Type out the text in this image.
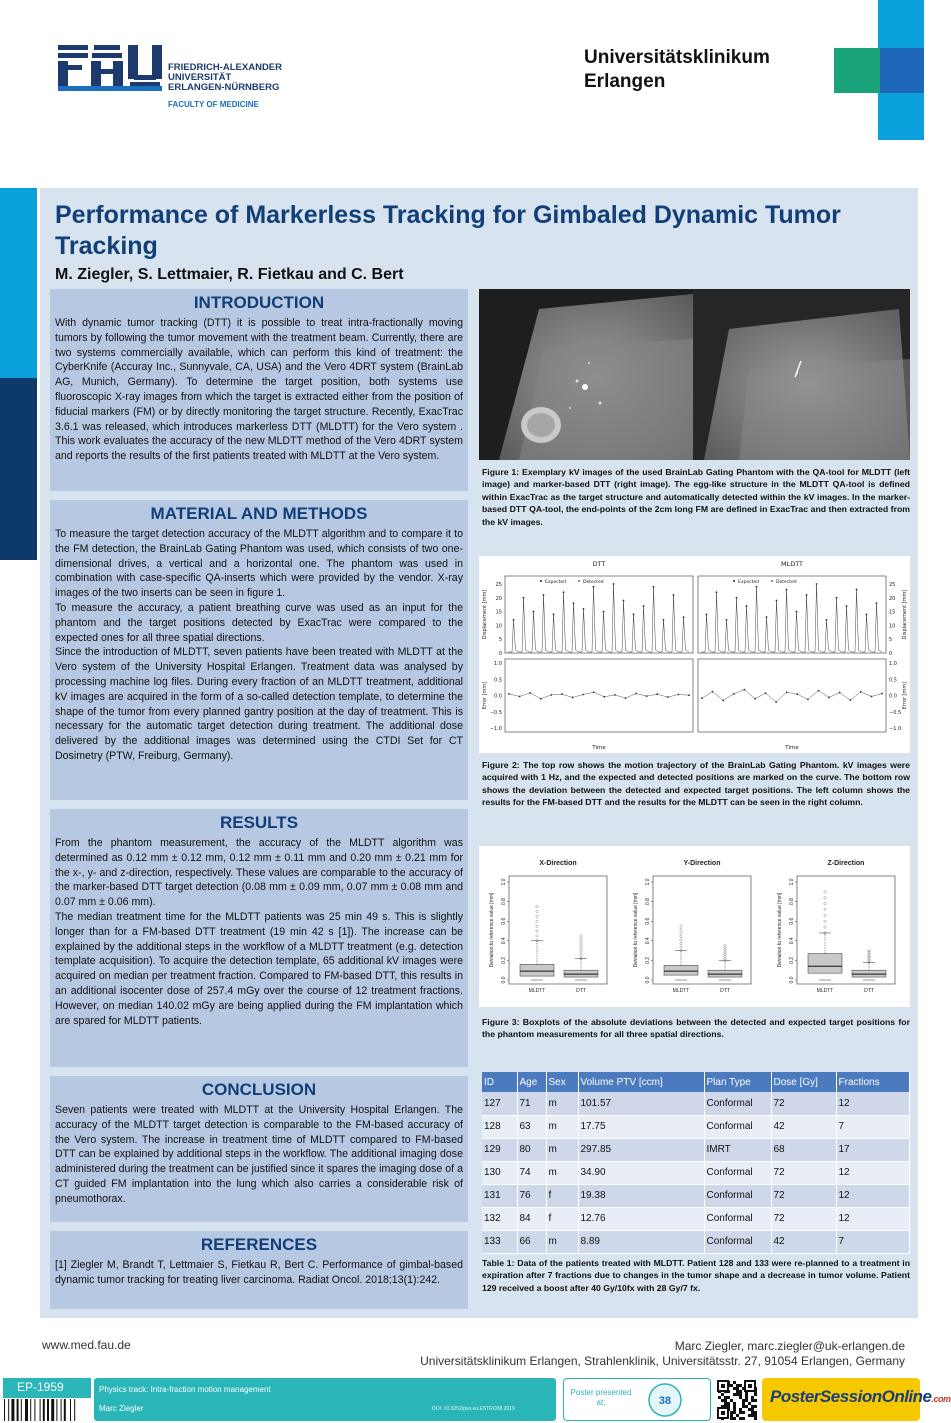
FRIEDRICH-ALEXANDER
UNIVERSITÄT
ERLANGEN-NÜRNBERG
FACULTY OF MEDICINE
Universitätsklinikum
Erlangen
Performance of Markerless Tracking for Gimbaled Dynamic Tumor Tracking
M. Ziegler, S. Lettmaier, R. Fietkau and C. Bert
INTRODUCTION

With dynamic tumor tracking (DTT) it is possible to treat intra-fractionally moving tumors by following the tumor movement with the treatment beam. Currently, there are two systems commercially available, which can perform this kind of treatment: the CyberKnife (Accuray Inc., Sunnyvale, CA, USA) and the Vero 4DRT system (BrainLab AG, Munich, Germany). To determine the target position, both systems use fluoroscopic X-ray images from which the target is extracted either from the position of fiducial markers (FM) or by directly monitoring the target structure. Recently, ExacTrac 3.6.1 was released, which introduces markerless DTT (MLDTT) for the Vero system . This work evaluates the accuracy of the new MLDTT method of the Vero 4DRT system and reports the results of the first patients treated with MLDTT at the Vero system.

MATERIAL AND METHODS

To measure the target detection accuracy of the MLDTT algorithm and to compare it to the FM detection, the BrainLab Gating Phantom was used, which consists of two one-dimensional drives, a vertical and a horizontal one. The phantom was used in combination with case-specific QA-inserts which were provided by the vendor. X-ray images of the two inserts can be seen in figure 1.

To measure the accuracy, a patient breathing curve was used as an input for the phantom and the target positions detected by ExacTrac were compared to the expected ones for all three spatial directions.

Since the introduction of MLDTT, seven patients have been treated with MLDTT at the Vero system of the University Hospital Erlangen. Treatment data was analysed by processing machine log files. During every fraction of an MLDTT treatment, additional kV images are acquired in the form of a so-called detection template, to determine the shape of the tumor from every planned gantry position at the day of treatment. This is necessary for the automatic target detection during treatment. The additional dose delivered by the additional images was determined using the CTDI Set for CT Dosimetry (PTW, Freiburg, Germany).

RESULTS

From the phantom measurement, the accuracy of the MLDTT algorithm was determined as 0.12 mm ± 0.12 mm, 0.12 mm ± 0.11 mm and 0.20 mm ± 0.21 mm for the x-, y- and z-direction, respectively. These values are comparable to the accuracy of the marker-based DTT target detection (0.08 mm ± 0.09 mm, 0.07 mm ± 0.08 mm and 0.07 mm ± 0.06 mm).

The median treatment time for the MLDTT patients was 25 min 49 s. This is slightly longer than for a FM-based DTT treatment (19 min 42 s [1]). The increase can be explained by the additional steps in the workflow of a MLDTT treatment (e.g. detection template acquisition). To acquire the detection template, 65 additional kV images were acquired on median per treatment fraction. Compared to FM-based DTT, this results in an additional isocenter dose of 257.4 mGy over the course of 12 treatment fractions. However, on median 140.02 mGy are being applied during the FM implantation which are spared for MLDTT patients.

CONCLUSION

Seven patients were treated with MLDTT at the University Hospital Erlangen. The accuracy of the MLDTT target detection is comparable to the FM-based accuracy of the Vero system. The increase in treatment time of MLDTT compared to FM-based DTT can be explained by additional steps in the workflow. The additional imaging dose administered during the treatment can be justified since it spares the imaging dose of a CT guided FM implantation into the lung which also carries a considerable risk of pneumothorax.

REFERENCES

[1] Ziegler M, Brandt T, Lettmaier S, Fietkau R, Bert C. Performance of gimbal-based dynamic tumor tracking for treating liver carcinoma. Radiat Oncol. 2018;13(1):242.

Figure 1: Exemplary kV images of the used BrainLab Gating Phantom with the QA-tool for MLDTT (left image) and marker-based DTT (right image). The egg-like structure in the MLDTT QA-tool is defined within ExacTrac as the target structure and automatically detected within the kV images. In the marker-based DTT QA-tool, the end-points of the 2cm long FM are defined in ExacTrac and then extracted from the kV images.
DTT
Expected	Detected
0
5
10
15
20
25
−1.0
−0.5
0.0
0.5
1.0
Displacement [mm]
Error [mm]
Time
MLDTT
Expected	Detected
0
5
10
15
20
25
−1.0
−0.5
0.0
0.5
1.0
Displacement [mm]
Error [mm]
Time
Figure 2: The top row shows the motion trajectory of the BrainLab Gating Phantom. kV images were acquired with 1 Hz, and the expected and detected positions are marked on the curve. The bottom row shows the deviation between the detected and expected target positions. The left column shows the results for the FM-based DTT and the results for the MLDTT can be seen in the right column.
X-Direction
0.0
0.2
0.4
0.6
0.8
1.0
Deviation to reference value [mm]
MLDTT	DTT
Y-Direction
0.0
0.2
0.4
0.6
0.8
1.0
Deviation to reference value [mm]
MLDTT	DTT
Z-Direction
0.0
0.2
0.4
0.6
0.8
1.0
Deviation to reference value [mm]
MLDTT	DTT
Figure 3: Boxplots of the absolute deviations between the detected and expected target positions for the phantom measurements for all three spatial directions.
ID	Age	Sex	Volume PTV [ccm]	Plan Type	Dose [Gy]	Fractions
127	71	m	101.57	Conformal	72	12
128	63	m	17.75	Conformal	42	7
129	80	m	297.85	IMRT	68	17
130	74	m	34.90	Conformal	72	12
131	76	f	19.38	Conformal	72	12
132	84	f	12.76	Conformal	72	12
133	66	m	8.89	Conformal	42	7
Table 1: Data of the patients treated with MLDTT. Patient 128 and 133 were re-planned to a treatment in expiration after 7 fractions due to changes in the tumor shape and a decrease in tumor volume. Patient 129 received a boost after 40 Gy/10fx with 28 Gy/7 fx.
www.med.fau.de	Marc Ziegler, marc.ziegler@uk-erlangen.de
Universitätsklinikum Erlangen, Strahlenklinik, Universitätsstr. 27, 91054 Erlangen, Germany
EP-1959	Physics track: Intra-fraction motion management
Marc Ziegler	DOI: 10.3252/pso.eu.ESTRO38.2019
Poster presented at:	38	PosterSessionOnline.com
